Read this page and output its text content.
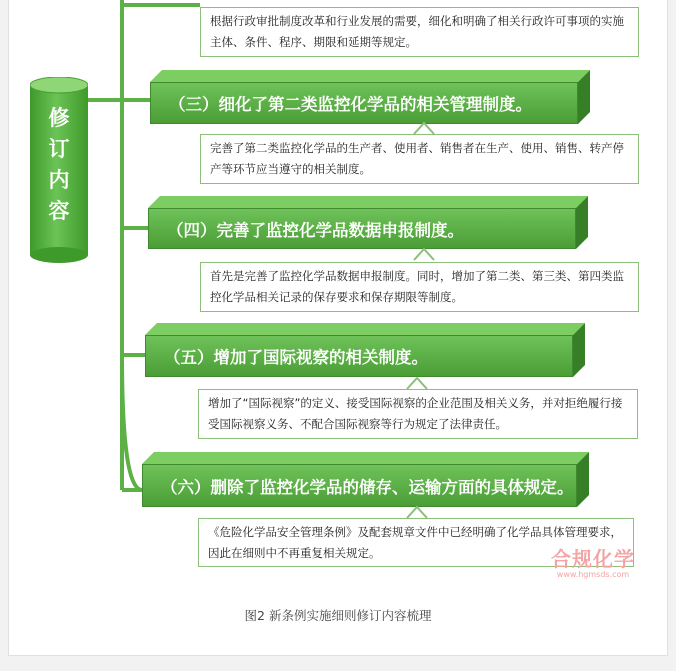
修
订
内
容
根据行政审批制度改革和行业发展的需要，细化和明确了相关行政许可事项的实施主体、条件、程序、期限和延期等规定。
（三）细化了第二类监控化学品的相关管理制度。
完善了第二类监控化学品的生产者、使用者、销售者在生产、使用、销售、转产停产等环节应当遵守的相关制度。
（四）完善了监控化学品数据申报制度。
首先是完善了监控化学品数据申报制度。同时，增加了第二类、第三类、第四类监控化学品相关记录的保存要求和保存期限等制度。
（五）增加了国际视察的相关制度。
增加了“国际视察”的定义、接受国际视察的企业范围及相关义务，并对拒绝履行接受国际视察义务、不配合国际视察等行为规定了法律责任。
（六）删除了监控化学品的储存、运输方面的具体规定。
《危险化学品安全管理条例》及配套规章文件中已经明确了化学品具体管理要求，因此在细则中不再重复相关规定。	合规化学
www.hgmsds.com
图2 新条例实施细则修订内容梳理
